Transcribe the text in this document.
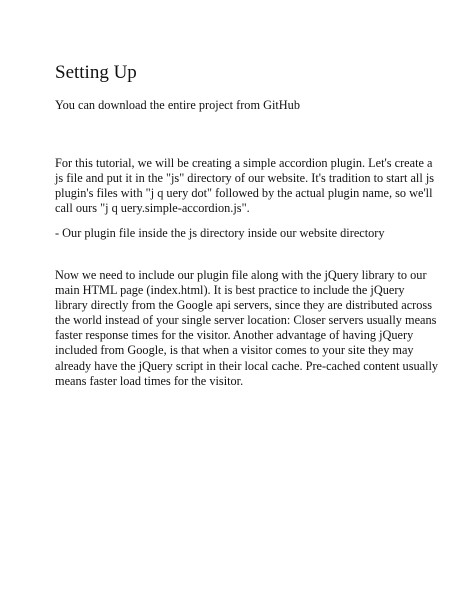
Setting Up

You can download the entire project from GitHub

For this tutorial, we will be creating a simple accordion plugin. Let's create a
js file and put it in the "js" directory of our website. It's tradition to start all js
plugin's files with "j q uery dot" followed by the actual plugin name, so we'll
call ours "j q uery.simple-accordion.js".

- Our plugin file inside the js directory inside our website directory

Now we need to include our plugin file along with the jQuery library to our
main HTML page (index.html). It is best practice to include the jQuery
library directly from the Google api servers, since they are distributed across
the world instead of your single server location: Closer servers usually means
faster response times for the visitor. Another advantage of having jQuery
included from Google, is that when a visitor comes to your site they may
already have the jQuery script in their local cache. Pre-cached content usually
means faster load times for the visitor.
